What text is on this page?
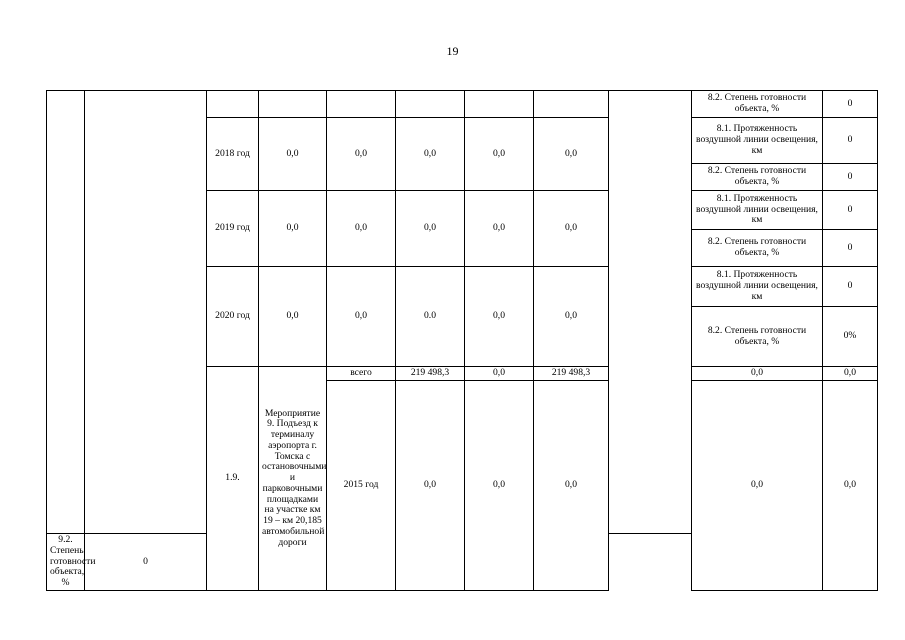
19
									8.2. Степень готовности объекта, %	0	
		2018 год	0,0	0,0	0,0	0,0	0,0		8.1. Протяженность воздушной линии освещения, км	0	
									8.2. Степень готовности объекта, %	0	
		2019 год	0,0	0,0	0,0	0,0	0,0		8.1. Протяженность воздушной линии освещения, км	0	
									8.2. Степень готовности объекта, %	0	
		2020 год	0,0	0,0	0.0	0,0	0,0		8.1. Протяженность воздушной линии освещения, км	0	
									8.2. Степень готовности объекта, %	0%	
		1.9.	Мероприятие 9. Подъезд к терминалу аэропорта г. Томска с остановочными и парковочными площадками на участке км 19 – км 20,185 автомобильной дороги	всего	219 498,3	0,0	219 498,3		0,0	0,0			
				2015 год	0,0	0,0	0,0		0,0	0,0		
9.2. Степень готовности объекта, %	0										
